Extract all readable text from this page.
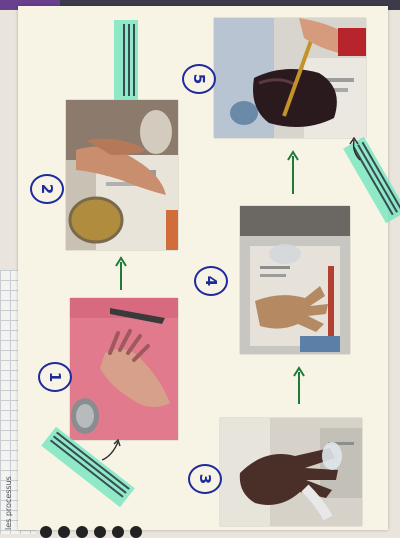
les processus
1
2
3
4
5
